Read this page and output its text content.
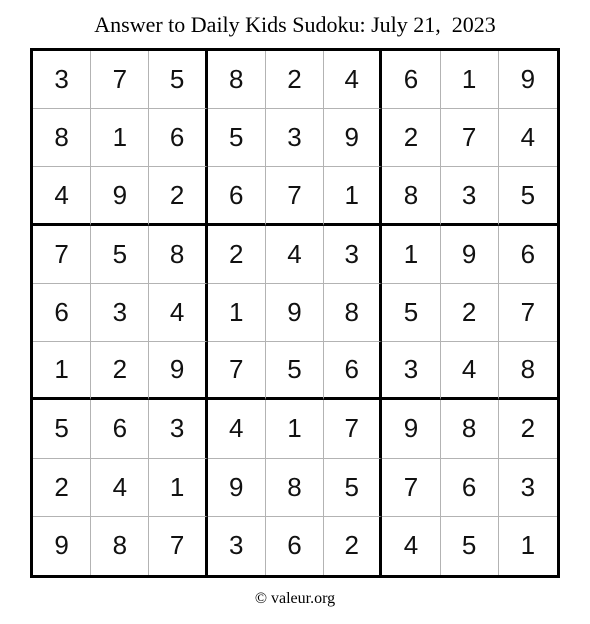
Answer to Daily Kids Sudoku: July 21,  2023
3	7	5	8	2	4	6	1	9
8	1	6	5	3	9	2	7	4
4	9	2	6	7	1	8	3	5
7	5	8	2	4	3	1	9	6
6	3	4	1	9	8	5	2	7
1	2	9	7	5	6	3	4	8
5	6	3	4	1	7	9	8	2
2	4	1	9	8	5	7	6	3
9	8	7	3	6	2	4	5	1
© valeur.org
